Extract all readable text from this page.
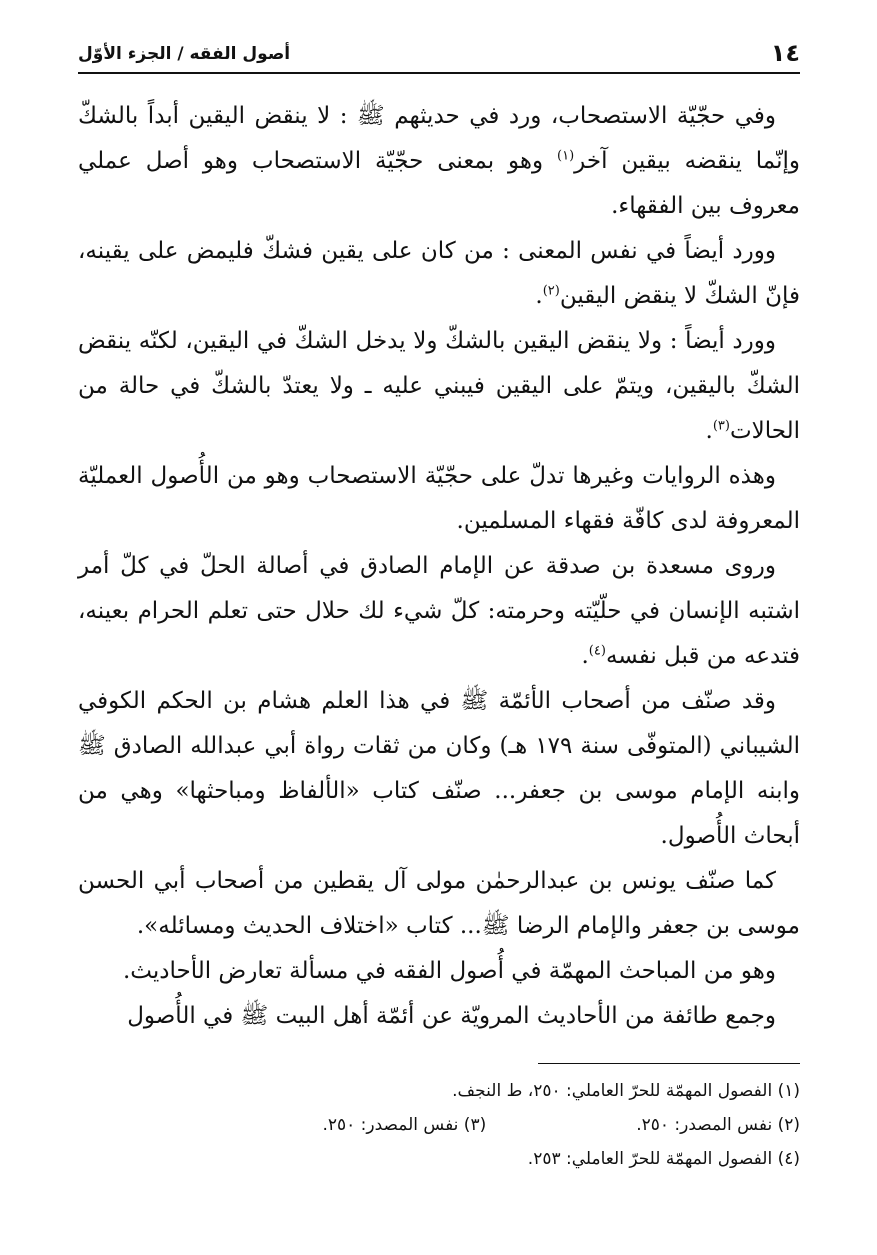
١٤
أصول الفقه / الجزء الأوّل

وفي حجّيّة الاستصحاب، ورد في حديثهم ﷺ : لا ينقض اليقين أبداً بالشكّ وإنّما ينقضه بيقين آخر$^{(١)}$ وهو بمعنى حجّيّة الاستصحاب وهو أصل عملي معروف بين الفقهاء.

وورد أيضاً في نفس المعنى : من كان على يقين فشكّ فليمض على يقينه، فإنّ الشكّ لا ينقض اليقين$^{(٢)}$.

وورد أيضاً : ولا ينقض اليقين بالشكّ ولا يدخل الشكّ في اليقين، لكنّه ينقض الشكّ باليقين، ويتمّ على اليقين فيبني عليه ـ ولا يعتدّ بالشكّ في حالة من الحالات$^{(٣)}$.

وهذه الروايات وغيرها تدلّ على حجّيّة الاستصحاب وهو من الأُصول العمليّة المعروفة لدى كافّة فقهاء المسلمين.

وروى مسعدة بن صدقة عن الإمام الصادق في أصالة الحلّ في كلّ أمر اشتبه الإنسان في حلّيّته وحرمته: كلّ شيء لك حلال حتى تعلم الحرام بعينه، فتدعه من قبل نفسه$^{(٤)}$.

وقد صنّف من أصحاب الأئمّة ﷺ في هذا العلم هشام بن الحكم الكوفي الشيباني (المتوفّى سنة ١٧٩ هـ) وكان من ثقات رواة أبي عبدالله الصادق ﷺ وابنه الإمام موسى بن جعفر... صنّف كتاب «الألفاظ ومباحثها» وهي من أبحاث الأُصول.

كما صنّف يونس بن عبدالرحمٰن مولى آل يقطين من أصحاب أبي الحسن موسى بن جعفر والإمام الرضا ﷺ... كتاب «اختلاف الحديث ومسائله».

وهو من المباحث المهمّة في أُصول الفقه في مسألة تعارض الأحاديث.

وجمع طائفة من الأحاديث المرويّة عن أئمّة أهل البيت ﷺ في الأُصول

(١) الفصول المهمّة للحرّ العاملي: ٢٥٠، ط النجف.
(٢) نفس المصدر: ٢٥٠.
(٣) نفس المصدر: ٢٥٠.
(٤) الفصول المهمّة للحرّ العاملي: ٢٥٣.
